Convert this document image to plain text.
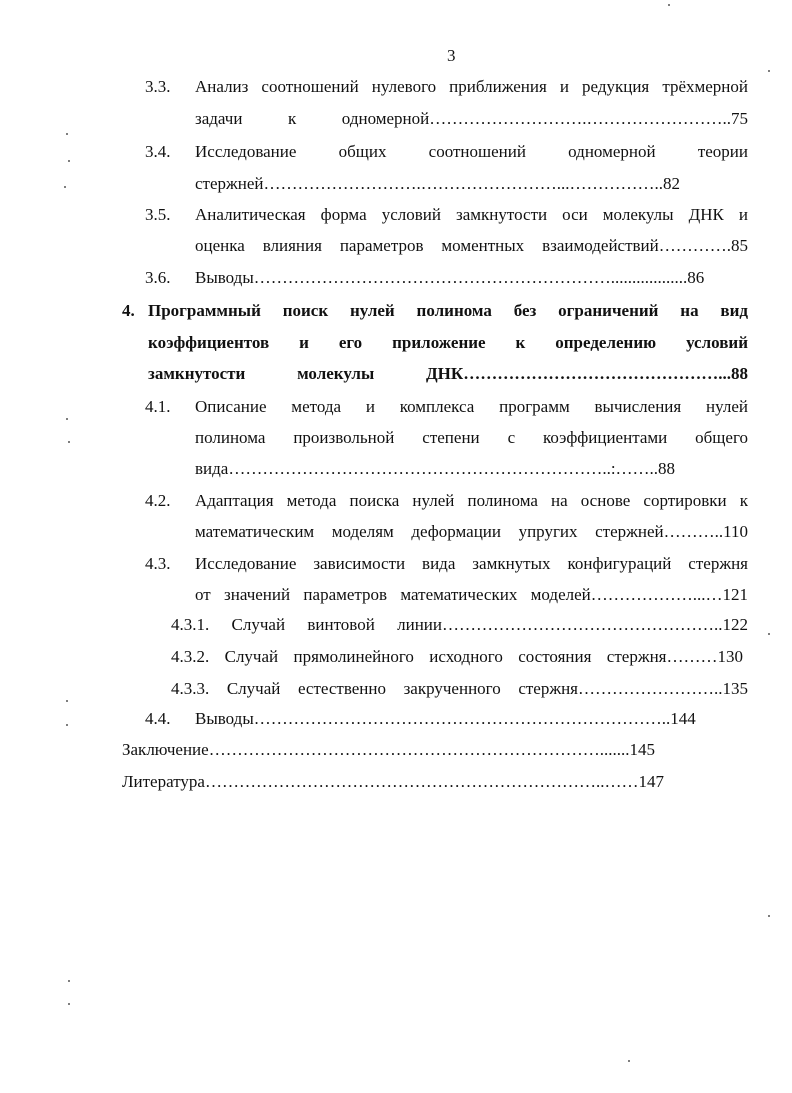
3
3.3. Анализ соотношений нулевого приближения и редукция трёхмерной
задачи к одномерной……………………….……………………..75
3.4. Исследование общих соотношений одномерной теории
стержней……………………….……………………...……………..82
3.5. Аналитическая форма условий замкнутости оси молекулы ДНК и
оценка влияния параметров моментных взаимодействий………….85
3.6. Выводы………………………………………………………..................86
4. Программный поиск нулей полинома без ограничений на вид
коэффициентов и его приложение к определению условий
замкнутости молекулы ДНК………………………………………...88
4.1. Описание метода и комплекса программ вычисления нулей
полинома произвольной степени с коэффициентами общего
вида…………………………………………………………..:……..88
4.2. Адаптация метода поиска нулей полинома на основе сортировки к
математическим моделям деформации упругих стержней………..110
4.3. Исследование зависимости вида замкнутых конфигураций стержня
от значений параметров математических моделей………………...…121
4.3.1. Случай винтовой линии…………………………………………..122
4.3.2. Случай прямолинейного исходного состояния стержня………130
4.3.3. Случай естественно закрученного стержня……………………..135
4.4. Выводы………………………………………………………………..144
Заключение…………………………………………………………….......145
Литература……………………………………………………………..……147
